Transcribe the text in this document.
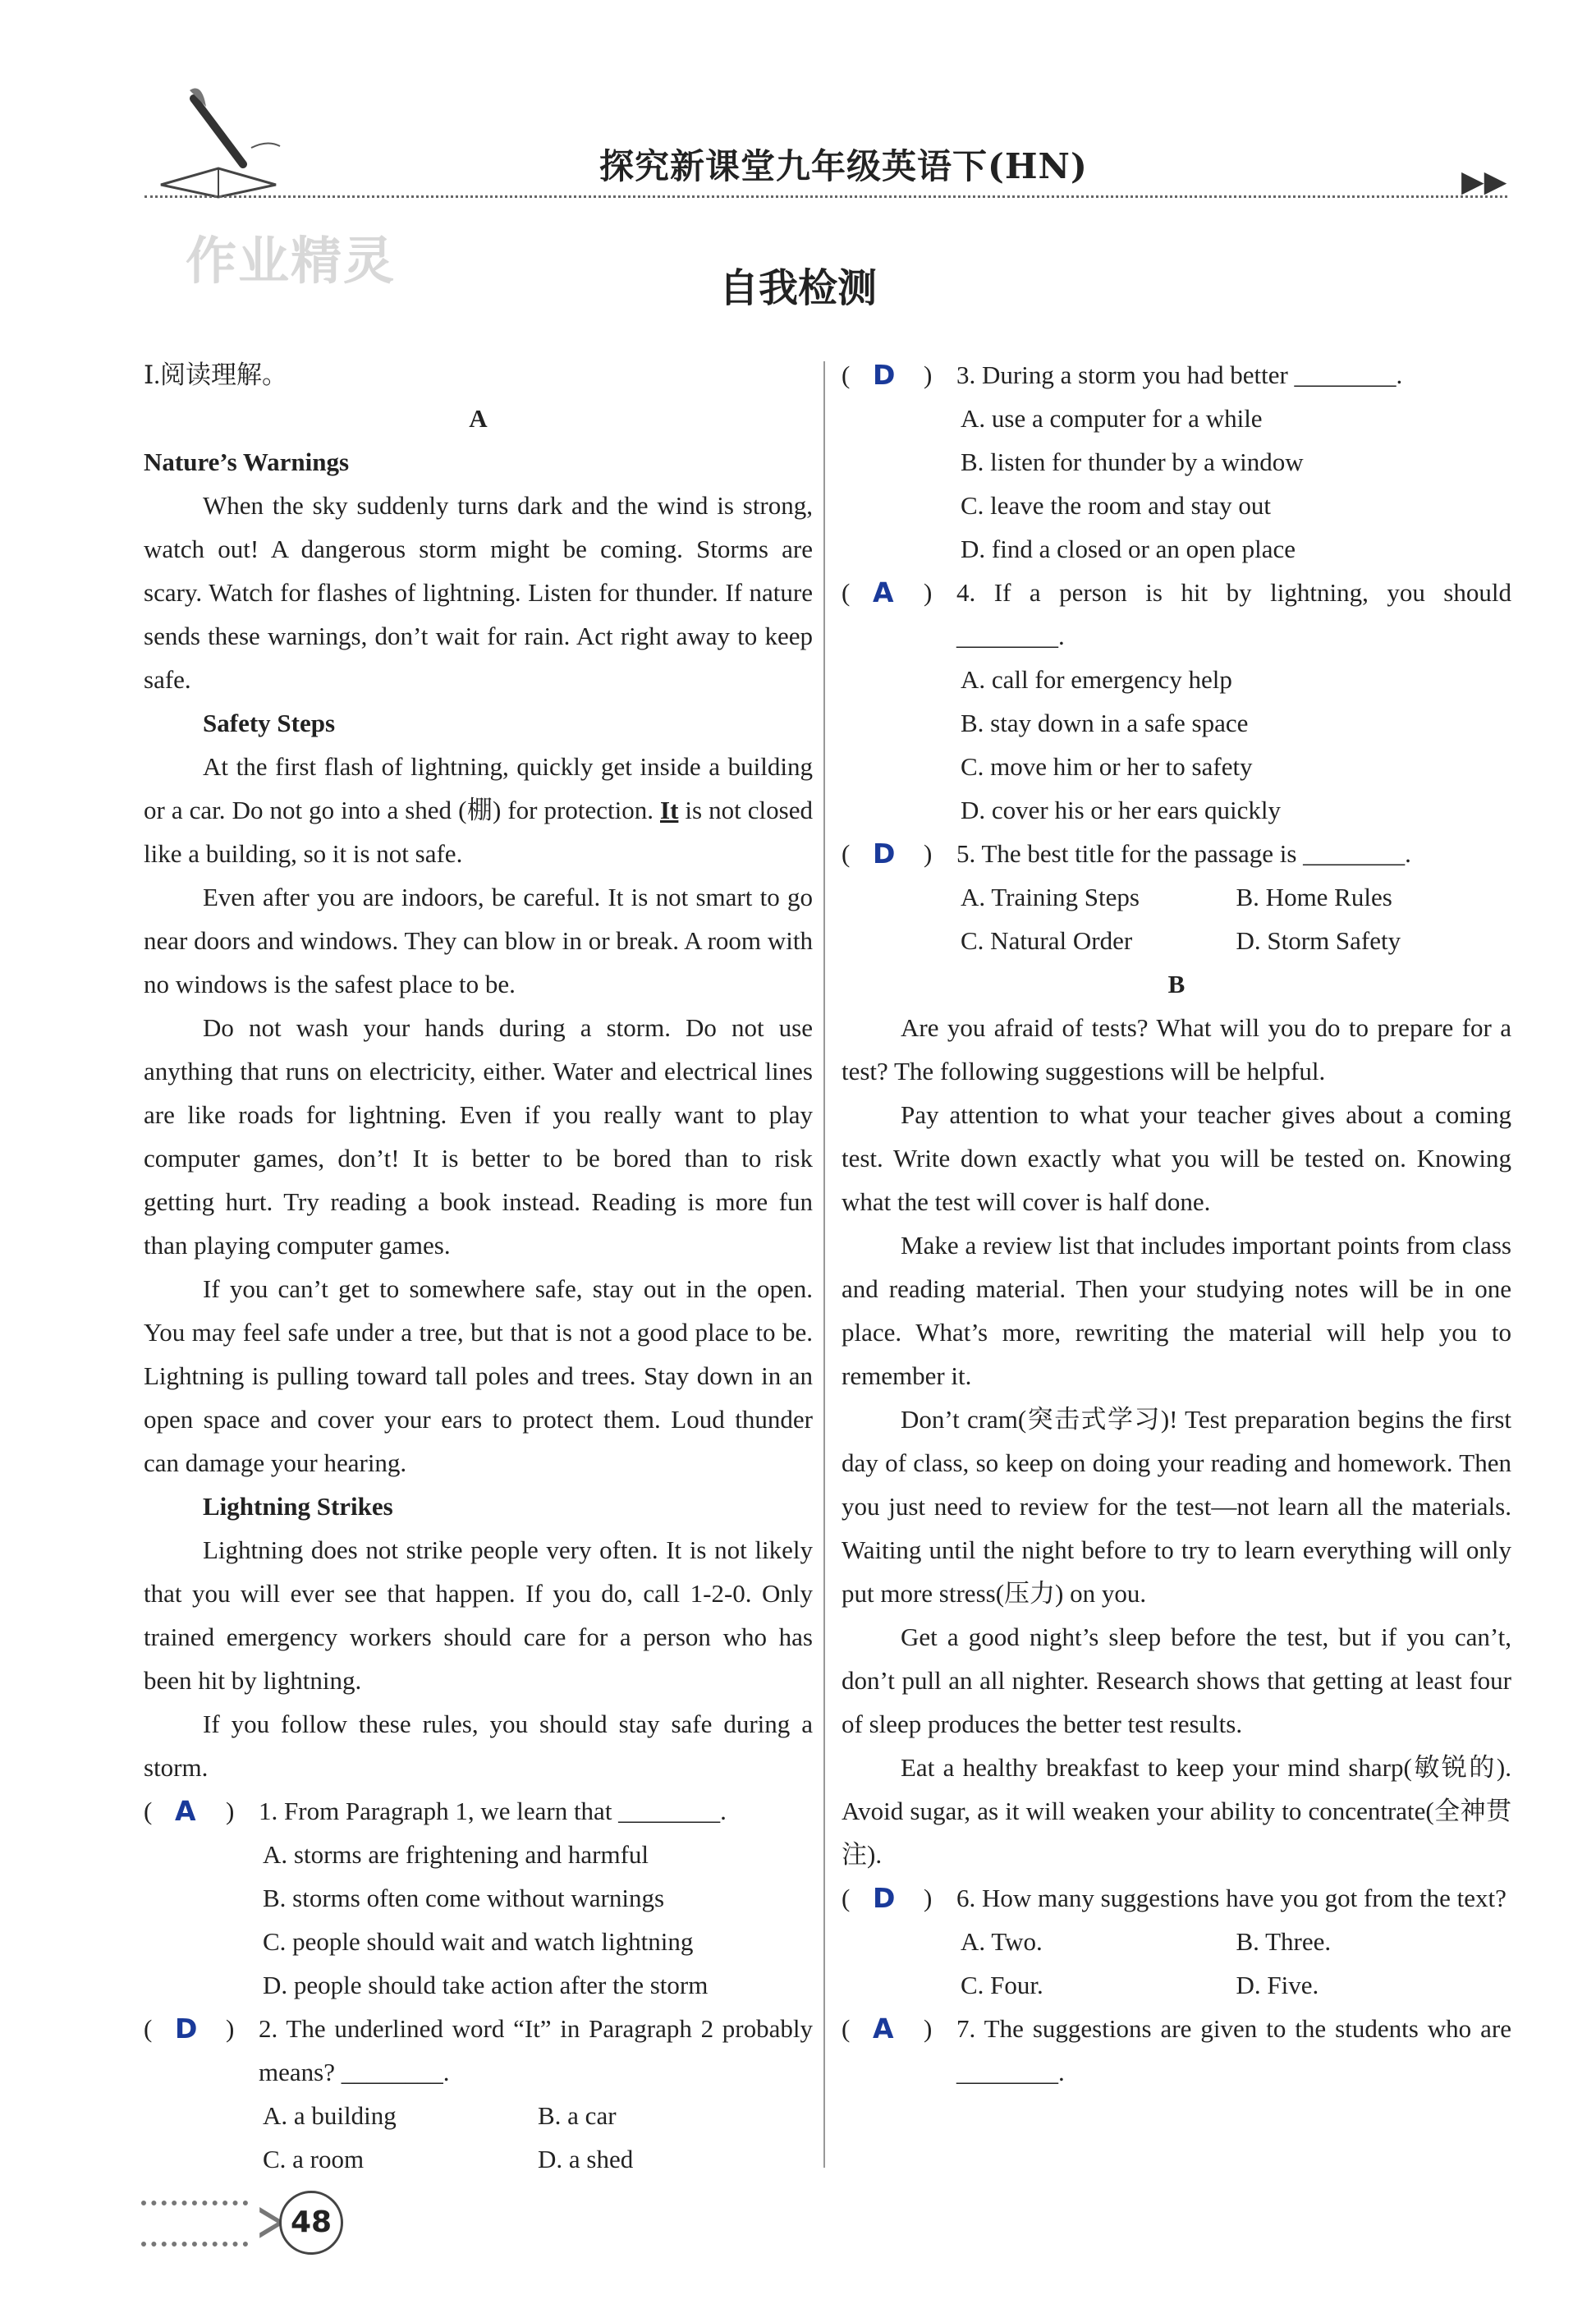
探究新课堂九年级英语下(HN)	▶▶
作业精灵	自我检测

Ⅰ.阅读理解。

A

Nature’s Warnings

When the sky suddenly turns dark and the wind is strong, watch out! A dangerous storm might be coming. Storms are scary. Watch for flashes of lightning. Listen for thunder. If nature sends these warnings, don’t wait for rain. Act right away to keep safe.

Safety Steps

At the first flash of lightning, quickly get inside a building or a car. Do not go into a shed (棚) for protection. It is not closed like a building, so it is not safe.

Even after you are indoors, be careful. It is not smart to go near doors and windows. They can blow in or break. A room with no windows is the safest place to be.

Do not wash your hands during a storm. Do not use anything that runs on electricity, either. Water and electrical lines are like roads for lightning. Even if you really want to play computer games, don’t! It is better to be bored than to risk getting hurt. Try reading a book instead. Reading is more fun than playing computer games.

If you can’t get to somewhere safe, stay out in the open. You may feel safe under a tree, but that is not a good place to be. Lightning is pulling toward tall poles and trees. Stay down in an open space and cover your ears to protect them. Loud thunder can damage your hearing.

Lightning Strikes

Lightning does not strike people very often. It is not likely that you will ever see that happen. If you do, call 1-2-0. Only trained emergency workers should care for a person who has been hit by lightning.

If you follow these rules, you should stay safe during a storm.

( A ) 1. From Paragraph 1, we learn that ________.

A. storms are frightening and harmful

B. storms often come without warnings

C. people should wait and watch lightning

D. people should take action after the storm

( D ) 2. The underlined word “It” in Paragraph 2 probably means? ________.
A. a building	B. a car
C. a room	D. a shed
( D ) 3. During a storm you had better ________.

A. use a computer for a while

B. listen for thunder by a window

C. leave the room and stay out

D. find a closed or an open place

( A ) 4. If a person is hit by lightning, you should ________.

A. call for emergency help

B. stay down in a safe space

C. move him or her to safety

D. cover his or her ears quickly

( D ) 5. The best title for the passage is ________.
A. Training Steps	B. Home Rules
C. Natural Order	D. Storm Safety

B

Are you afraid of tests? What will you do to prepare for a test? The following suggestions will be helpful.

Pay attention to what your teacher gives about a coming test. Write down exactly what you will be tested on. Knowing what the test will cover is half done.

Make a review list that includes important points from class and reading material. Then your studying notes will be in one place. What’s more, rewriting the material will help you to remember it.

Don’t cram(突击式学习)! Test preparation begins the first day of class, so keep on doing your reading and homework. Then you just need to review for the test—not learn all the materials. Waiting until the night before to try to learn everything will only put more stress(压力) on you.

Get a good night’s sleep before the test, but if you can’t, don’t pull an all nighter. Research shows that getting at least four of sleep produces the better test results.

Eat a healthy breakfast to keep your mind sharp(敏锐的). Avoid sugar, as it will weaken your ability to concentrate(全神贯注).

( D ) 6. How many suggestions have you got from the text?
A. Two.	B. Three.
C. Four.	D. Five.
( A ) 7. The suggestions are given to the students who are ________.
> 48
